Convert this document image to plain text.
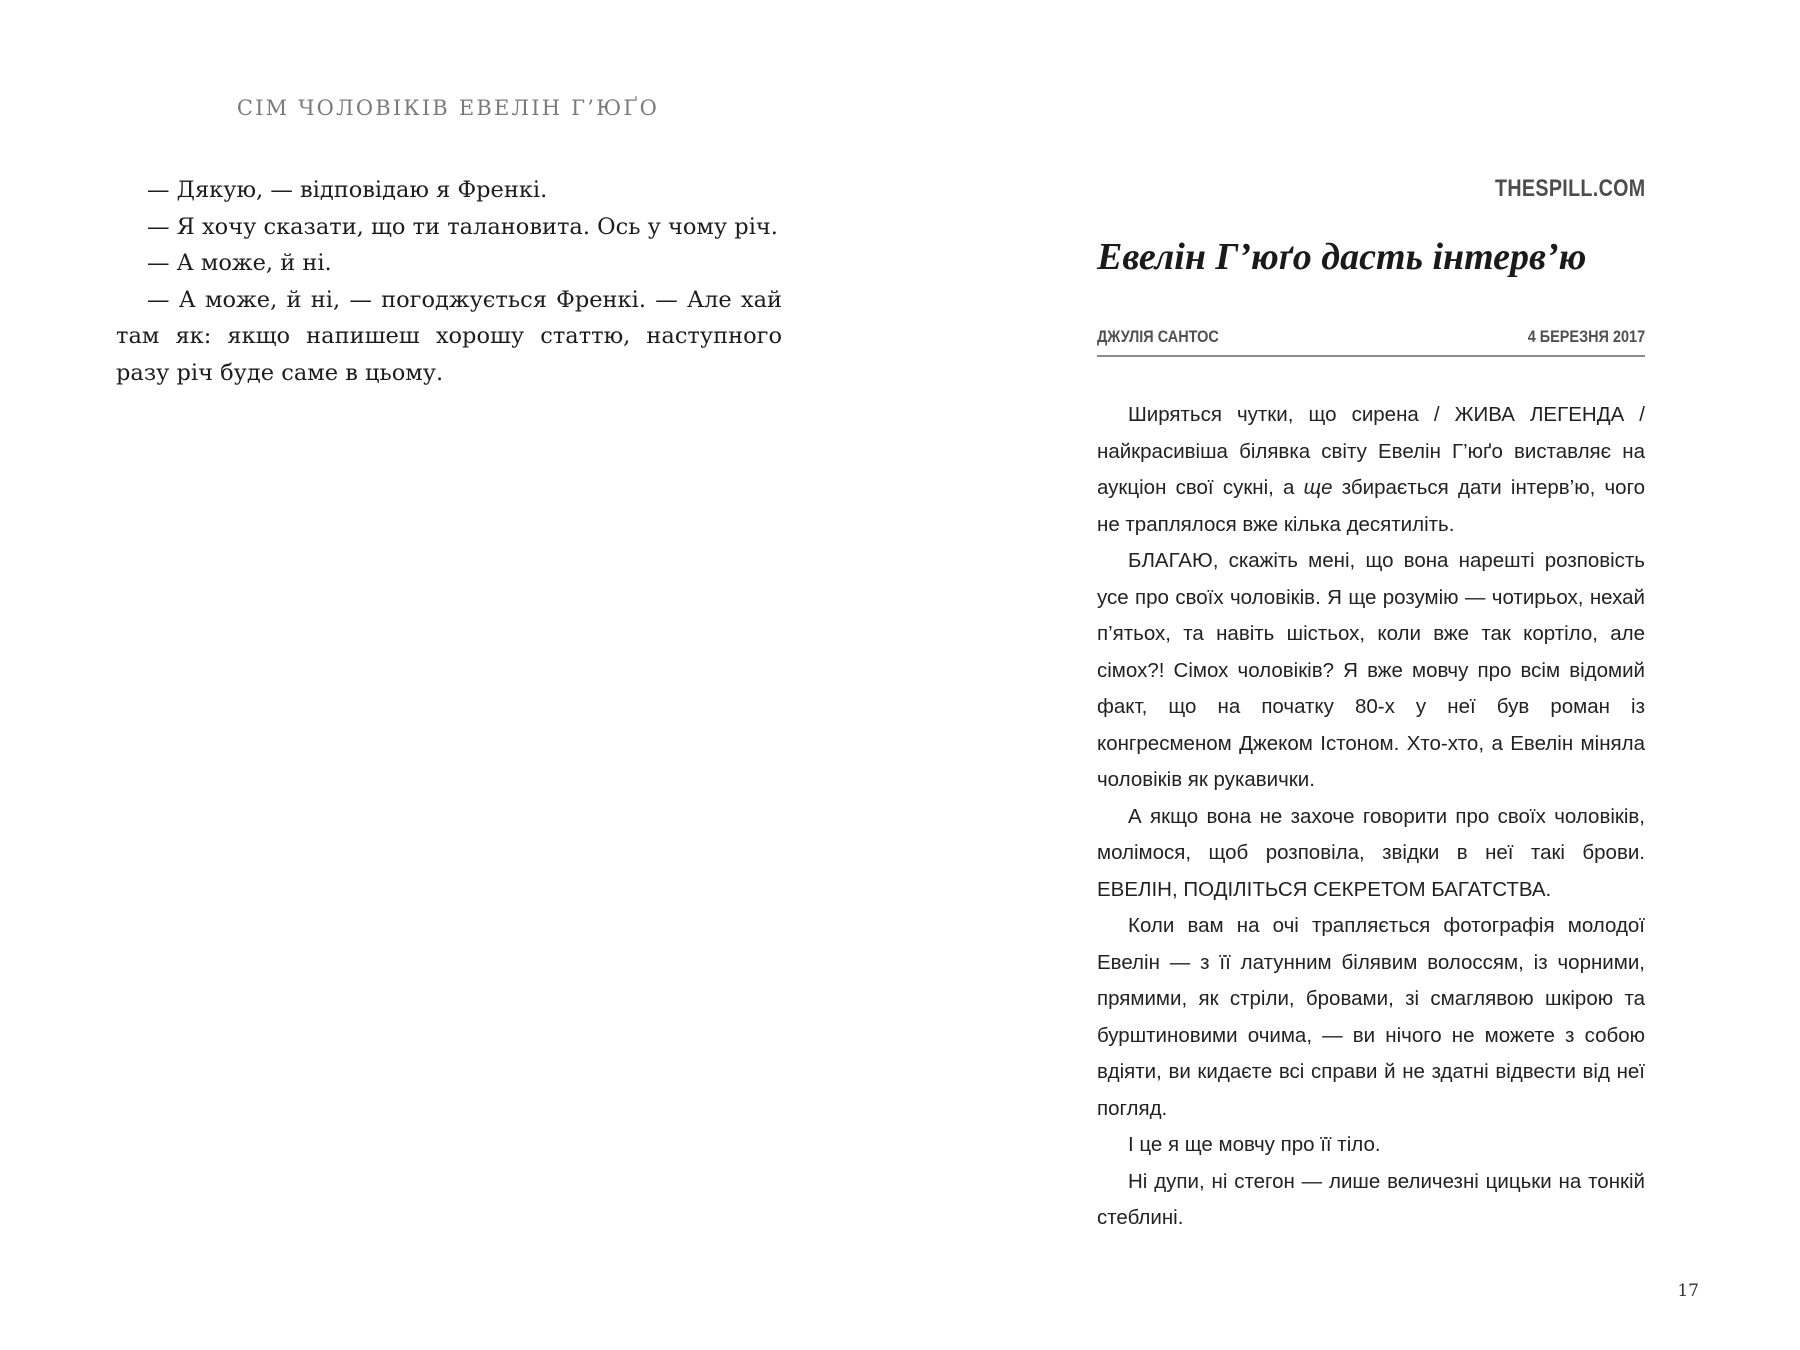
СІМ ЧОЛОВІКІВ ЕВЕЛІН Г’ЮҐО

— Дякую, — відповідаю я Френкі.

— Я хочу сказати, що ти талановита. Ось у чому річ.

— А може, й ні.

— А може, й ні, — погоджується Френкі. — Але хай там як: якщо напишеш хорошу статтю, наступного разу річ буде саме в цьому.

THESPILL.COM
Евелін Г’юґо дасть інтерв’ю
ДЖУЛІЯ САНТОС	4 БЕРЕЗНЯ 2017

Ширяться чутки, що сирена / ЖИВА ЛЕГЕНДА / найкрасивіша білявка світу Евелін Г’юґо виставляє на аукціон свої сукні, а ще збирається дати інтерв’ю, чого не траплялося вже кілька десятиліть.

БЛАГАЮ, скажіть мені, що вона нарешті розповість усе про своїх чоловіків. Я ще розумію — чотирьох, нехай п’ятьох, та навіть шістьох, коли вже так кортіло, але сімох?! Сімох чоловіків? Я вже мовчу про всім відомий факт, що на початку 80-х у неї був роман із конгресменом Джеком Істоном. Хто-хто, а Евелін міняла чоловіків як рукавички.

А якщо вона не захоче говорити про своїх чоловіків, молімося, щоб розповіла, звідки в неї такі брови. ЕВЕЛІН, ПОДІЛІТЬСЯ СЕКРЕТОМ БАГАТСТВА.

Коли вам на очі трапляється фотографія молодої Евелін — з її латунним білявим волоссям, із чорними, прямими, як стріли, бровами, зі смаглявою шкірою та бурштиновими очима, — ви нічого не можете з собою вдіяти, ви кидаєте всі справи й не здатні відвести від неї погляд.

І це я ще мовчу про її тіло.

Ні дупи, ні стегон — лише величезні цицьки на тонкій стеблині.

17
